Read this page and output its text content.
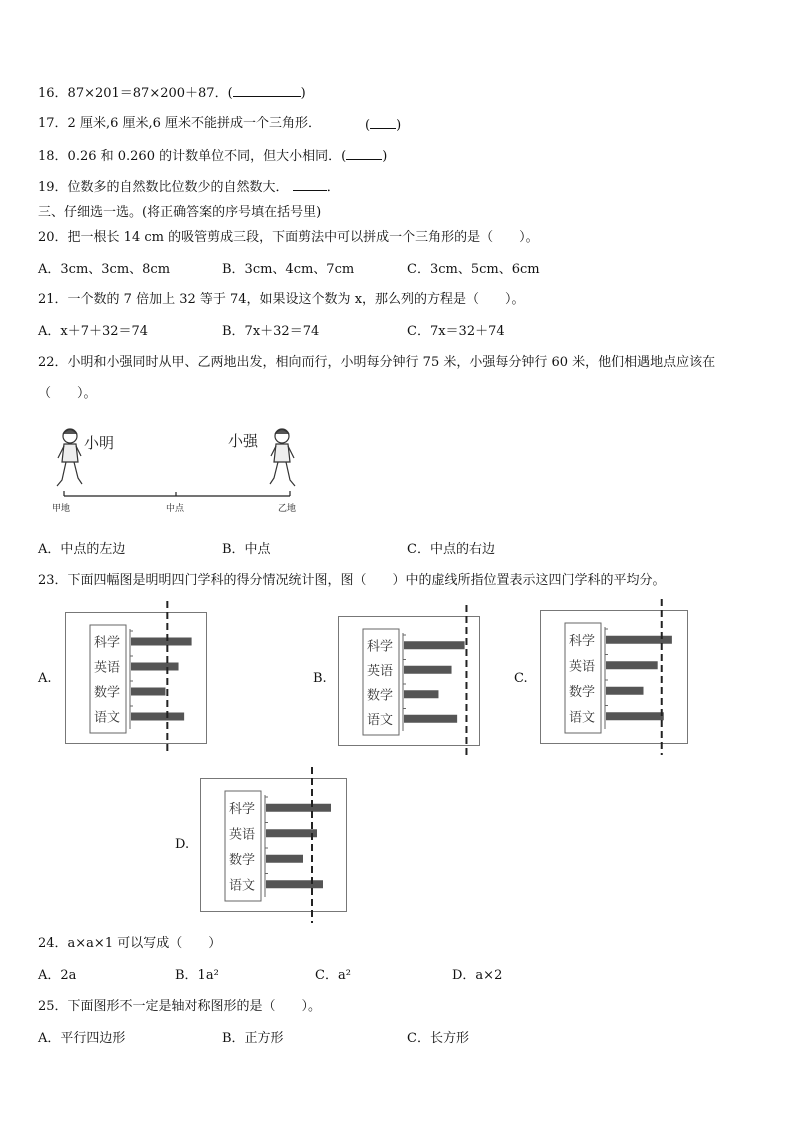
16．87×201＝87×200＋87．(	)
17．2 厘米,6 厘米,6 厘米不能拼成一个三角形．	( )
18．0.26 和 0.260 的计数单位不同，但大小相同．(	)
19．位数多的自然数比位数少的自然数大．	．
三、仔细选一选。(将正确答案的序号填在括号里)
20．把一根长 14 cm 的吸管剪成三段，下面剪法中可以拼成一个三角形的是（　　）。
A．3cm、3cm、8cm	B．3cm、4cm、7cm	C．3cm、5cm、6cm
21．一个数的 7 倍加上 32 等于 74，如果设这个数为 x，那么列的方程是（　　）。
A．x＋7＋32＝74	B．7x＋32＝74	C．7x＝32＋74
22．小明和小强同时从甲、乙两地出发，相向而行，小明每分钟行 75 米，小强每分钟行 60 米，他们相遇地点应该在
（　　）。
小明	小强
甲地	中点	乙地
A．中点的左边	B．中点	C．中点的右边
23．下面四幅图是明明四门学科的得分情况统计图，图（　　）中的虚线所指位置表示这四门学科的平均分。
A.	B.	C.
D.
科学
英语
数学
语文
科学
英语
数学
语文
科学
英语
数学
语文
科学
英语
数学
语文
24．a×a×1 可以写成（　　）
A．2a	B．1a²	C．a²	D．a×2
25．下面图形不一定是轴对称图形的是（　　）。
A．平行四边形	B．正方形	C．长方形
